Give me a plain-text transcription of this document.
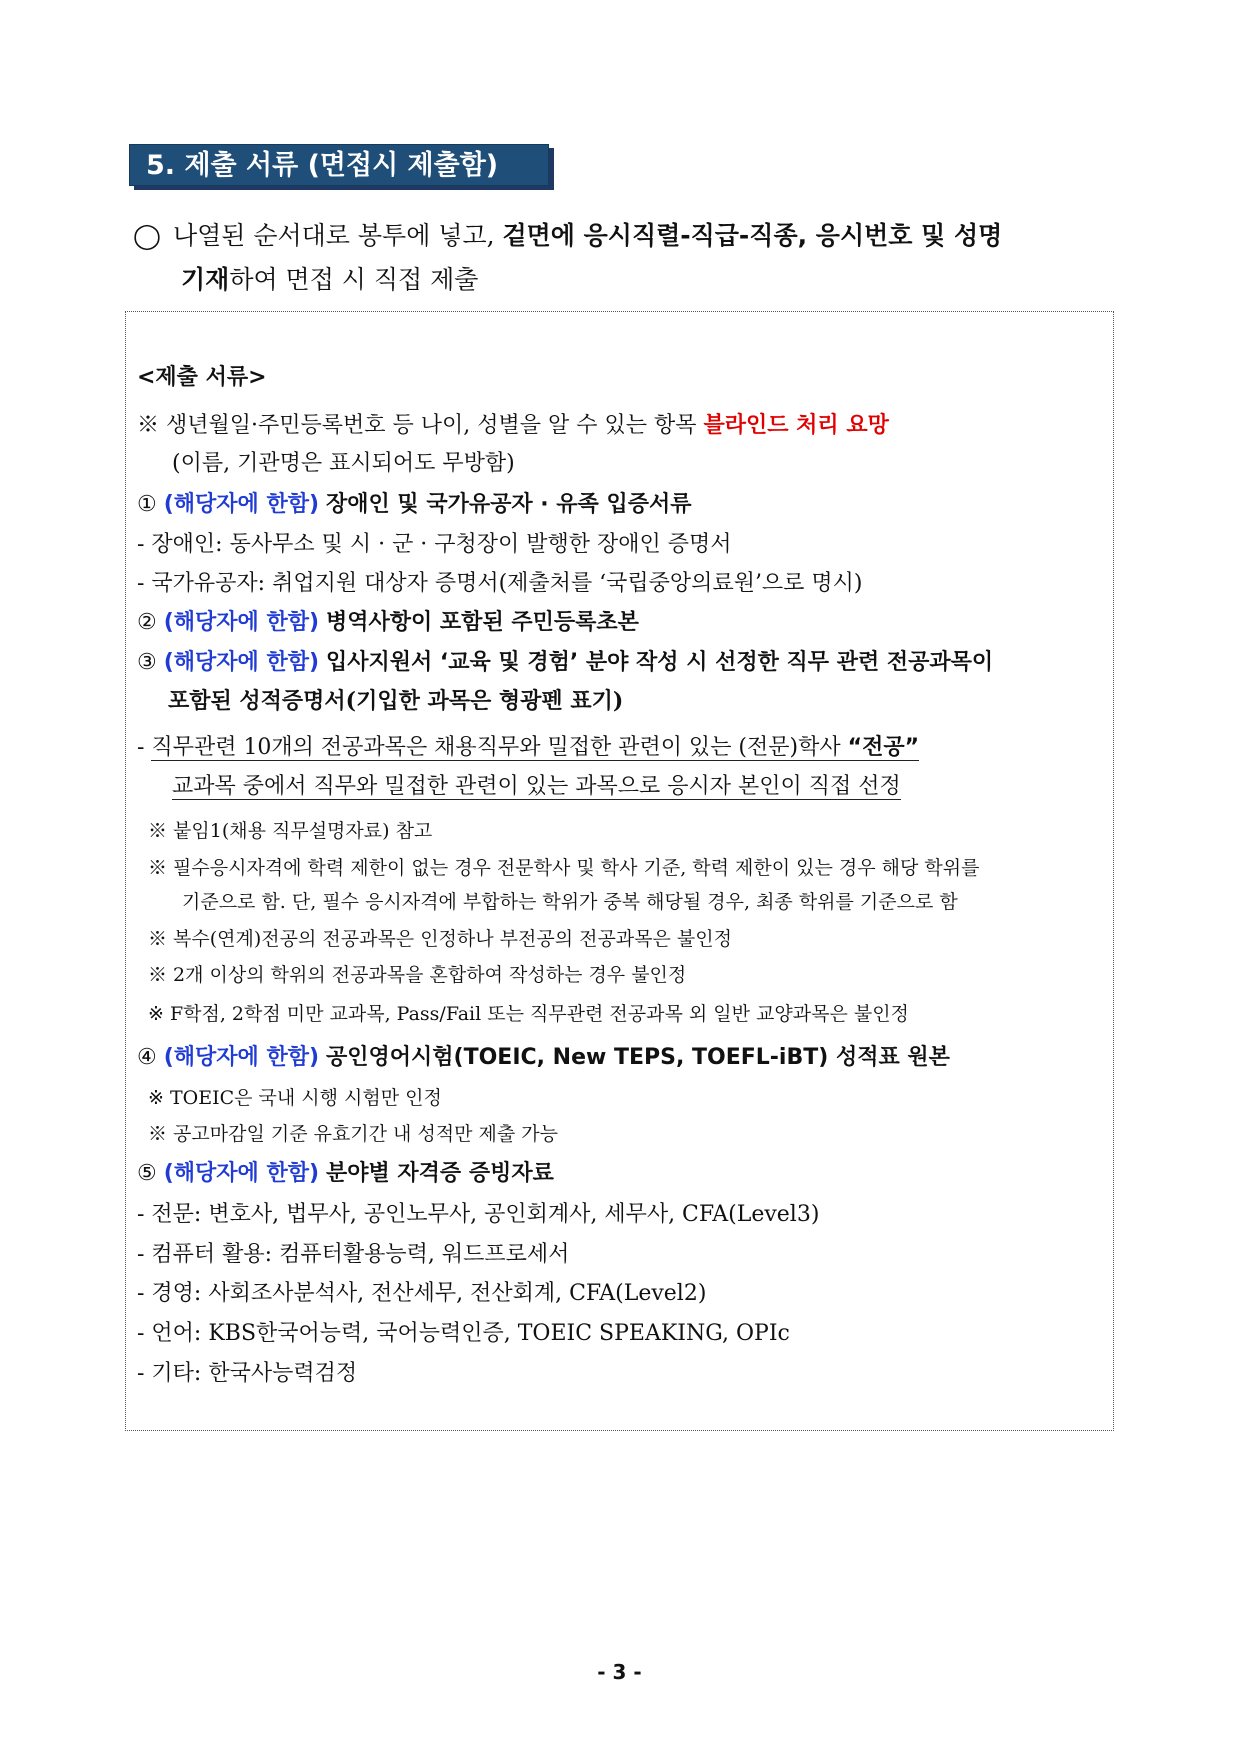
5. 제출 서류 (면접시 제출함)
◯ 나열된 순서대로 봉투에 넣고, 겉면에 응시직렬-직급-직종, 응시번호 및 성명
기재하여 면접 시 직접 제출
<제출 서류>
※ 생년월일·주민등록번호 등 나이, 성별을 알 수 있는 항목 블라인드 처리 요망
(이름, 기관명은 표시되어도 무방함)
① (해당자에 한함) 장애인 및 국가유공자 · 유족 입증서류
- 장애인: 동사무소 및 시 · 군 · 구청장이 발행한 장애인 증명서
- 국가유공자: 취업지원 대상자 증명서(제출처를 ‘국립중앙의료원’으로 명시)
② (해당자에 한함) 병역사항이 포함된 주민등록초본
③ (해당자에 한함) 입사지원서 ‘교육 및 경험’ 분야 작성 시 선정한 직무 관련 전공과목이
포함된 성적증명서(기입한 과목은 형광펜 표기)
- 직무관련 10개의 전공과목은 채용직무와 밀접한 관련이 있는 (전문)학사 “전공”
교과목 중에서 직무와 밀접한 관련이 있는 과목으로 응시자 본인이 직접 선정
※ 붙임1(채용 직무설명자료) 참고
※ 필수응시자격에 학력 제한이 없는 경우 전문학사 및 학사 기준, 학력 제한이 있는 경우 해당 학위를
기준으로 함. 단, 필수 응시자격에 부합하는 학위가 중복 해당될 경우, 최종 학위를 기준으로 함
※ 복수(연계)전공의 전공과목은 인정하나 부전공의 전공과목은 불인정
※ 2개 이상의 학위의 전공과목을 혼합하여 작성하는 경우 불인정
※ F학점, 2학점 미만 교과목, Pass/Fail 또는 직무관련 전공과목 외 일반 교양과목은 불인정
④ (해당자에 한함) 공인영어시험(TOEIC, New TEPS, TOEFL-iBT) 성적표 원본
※ TOEIC은 국내 시행 시험만 인정
※ 공고마감일 기준 유효기간 내 성적만 제출 가능
⑤ (해당자에 한함) 분야별 자격증 증빙자료
- 전문: 변호사, 법무사, 공인노무사, 공인회계사, 세무사, CFA(Level3)
- 컴퓨터 활용: 컴퓨터활용능력, 워드프로세서
- 경영: 사회조사분석사, 전산세무, 전산회계, CFA(Level2)
- 언어: KBS한국어능력, 국어능력인증, TOEIC SPEAKING, OPIc
- 기타: 한국사능력검정
- 3 -
